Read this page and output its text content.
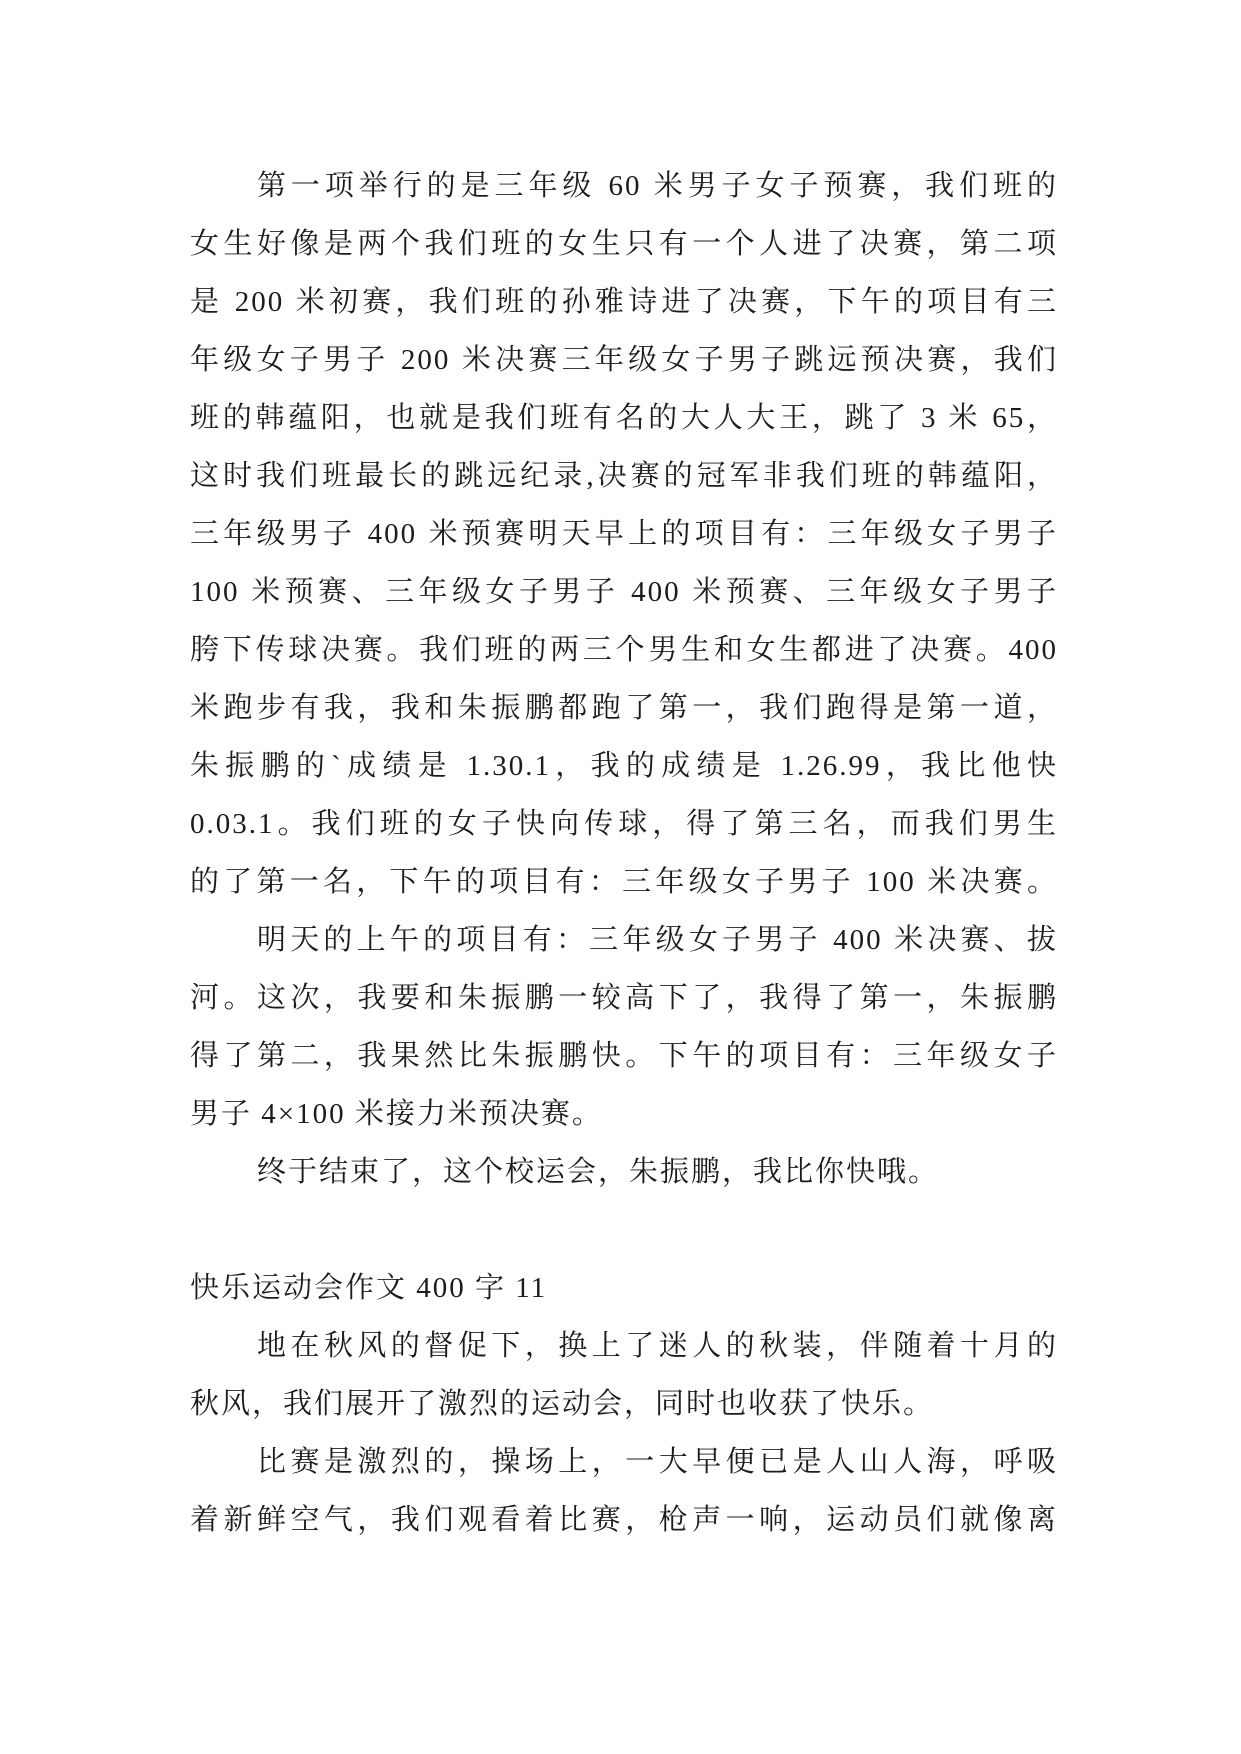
第一项举行的是三年级 60 米男子女子预赛，我们班的
女生好像是两个我们班的女生只有一个人进了决赛，第二项
是 200 米初赛，我们班的孙雅诗进了决赛，下午的项目有三
年级女子男子 200 米决赛三年级女子男子跳远预决赛，我们
班的韩蕴阳，也就是我们班有名的大人大王，跳了 3 米 65，
这时我们班最长的跳远纪录,决赛的冠军非我们班的韩蕴阳，
三年级男子 400 米预赛明天早上的项目有：三年级女子男子
100 米预赛、三年级女子男子 400 米预赛、三年级女子男子
胯下传球决赛。我们班的两三个男生和女生都进了决赛。400
米跑步有我，我和朱振鹏都跑了第一，我们跑得是第一道，
朱振鹏的`成绩是 1.30.1，我的成绩是 1.26.99，我比他快
0.03.1。我们班的女子快向传球，得了第三名，而我们男生
的了第一名，下午的项目有：三年级女子男子 100 米决赛。
明天的上午的项目有：三年级女子男子 400 米决赛、拔
河。这次，我要和朱振鹏一较高下了，我得了第一，朱振鹏
得了第二，我果然比朱振鹏快。下午的项目有：三年级女子
男子 4×100 米接力米预决赛。
终于结束了，这个校运会，朱振鹏，我比你快哦。
快乐运动会作文 400 字 11
地在秋风的督促下，换上了迷人的秋装，伴随着十月的
秋风，我们展开了激烈的运动会，同时也收获了快乐。
比赛是激烈的，操场上，一大早便已是人山人海，呼吸
着新鲜空气，我们观看着比赛，枪声一响，运动员们就像离
